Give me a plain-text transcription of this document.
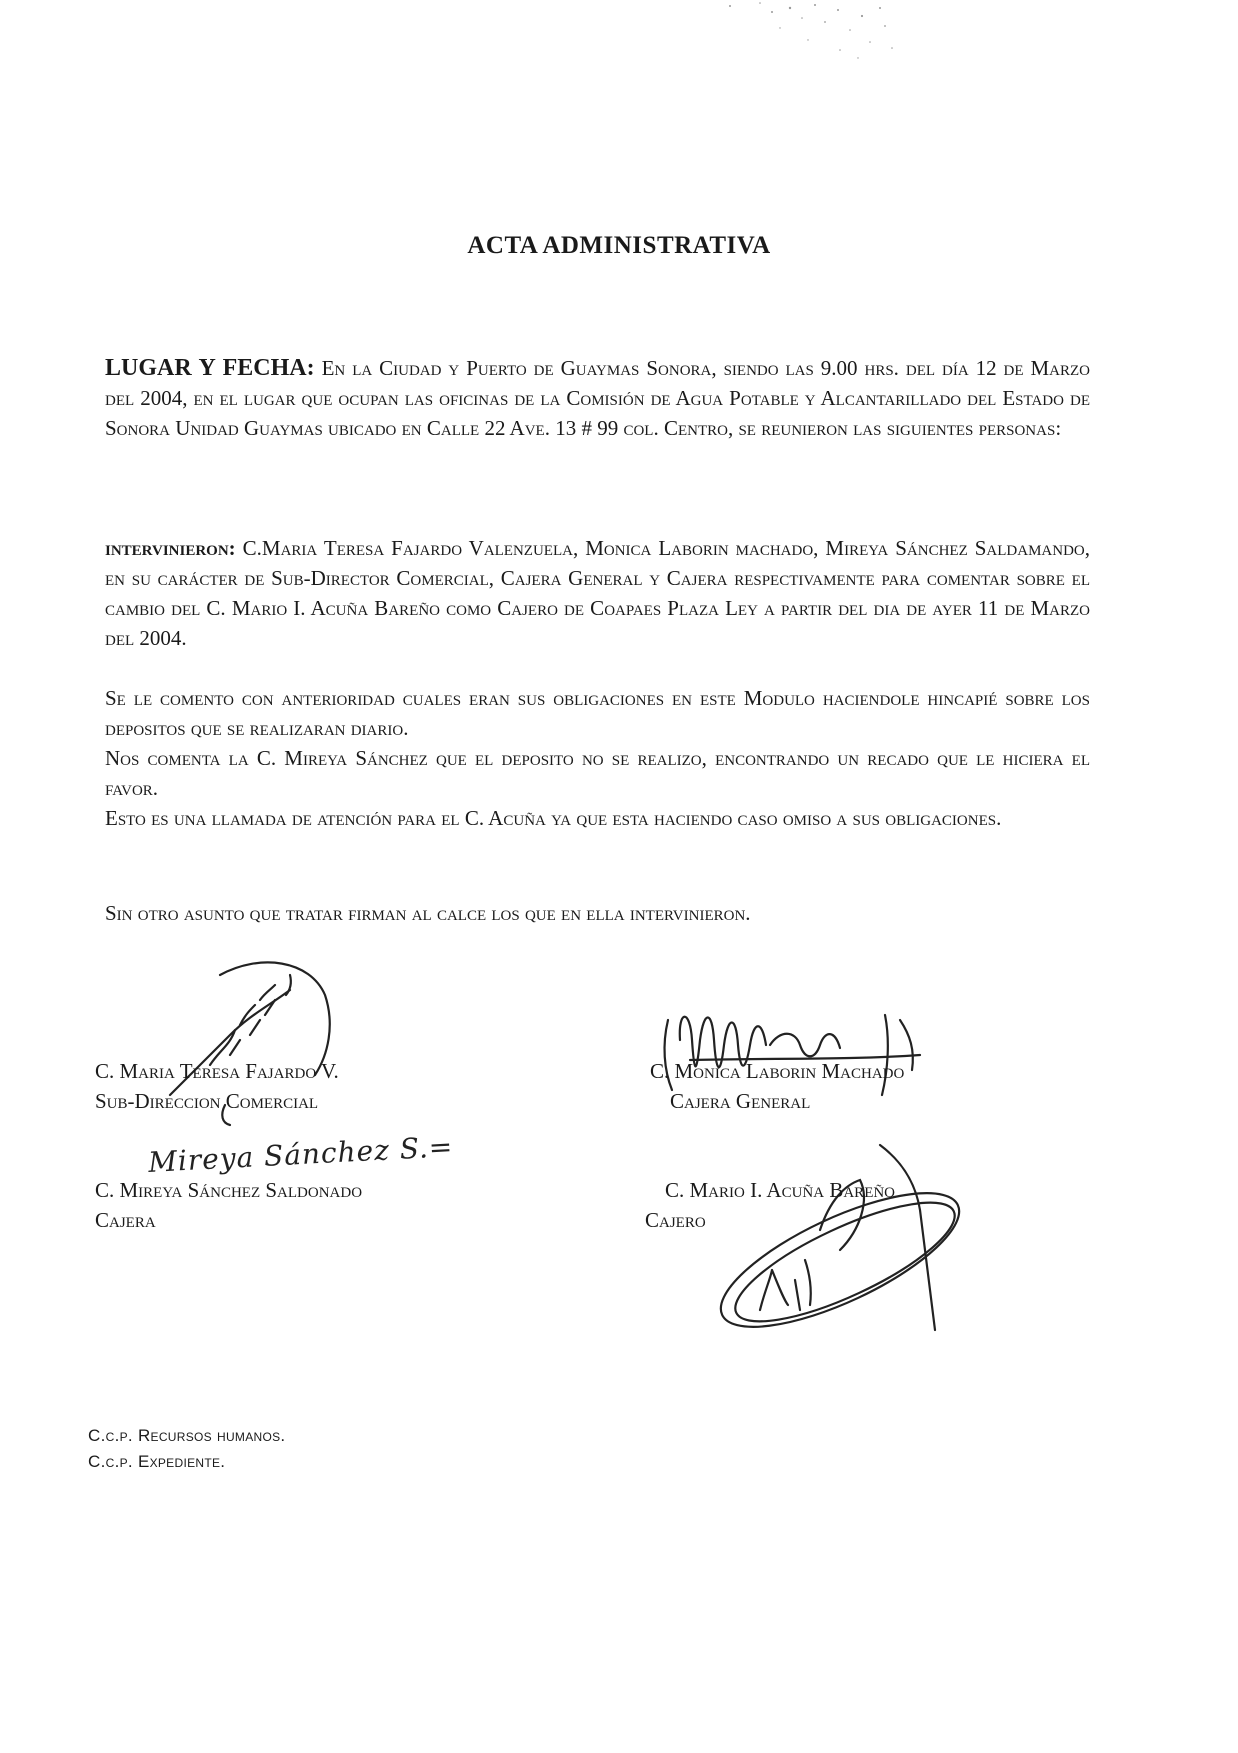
ACTA ADMINISTRATIVA
LUGAR Y FECHA: En la Ciudad y Puerto de Guaymas Sonora, siendo las 9.00 hrs. del día 12 de Marzo del 2004, en el lugar que ocupan las oficinas de la Comisión de Agua Potable y Alcantarillado del Estado de Sonora Unidad Guaymas ubicado en Calle 22 Ave. 13 # 99 col. Centro, se reunieron las siguientes personas:
intervinieron: C.Maria Teresa Fajardo Valenzuela, Monica Laborin machado, Mireya Sánchez Saldamando, en su carácter de Sub-Director Comercial, Cajera General y Cajera respectivamente para comentar sobre el cambio del C. Mario I. Acuña Bareño como Cajero de Coapaes Plaza Ley a partir del dia de ayer 11 de Marzo del 2004.
Se le comento con anterioridad cuales eran sus obligaciones en este Modulo haciendole hincapié sobre los depositos que se realizaran diario.
Nos comenta la C. Mireya Sánchez que el deposito no se realizo, encontrando un recado que le hiciera el favor.
Esto es una llamada de atención para el C. Acuña ya que esta haciendo caso omiso a sus obligaciones.
Sin otro asunto que tratar firman al calce los que en ella intervinieron.
C. Maria Teresa Fajardo V.
Sub-Direccion Comercial
C. Monica Laborin Machado
Cajera General
Mireya Sánchez S.=
C. Mireya Sánchez Saldonado
Cajera
C. Mario I. Acuña Bareño
Cajero
C.c.p. Recursos humanos.
C.c.p. Expediente.
